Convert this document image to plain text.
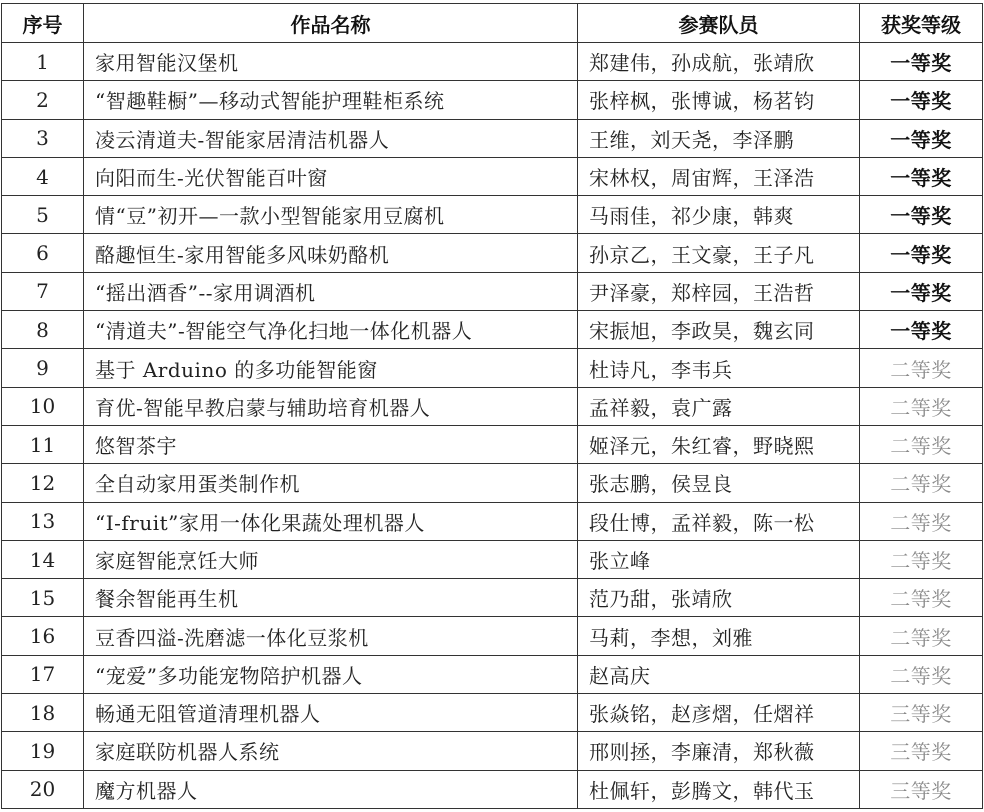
序号	作品名称	参赛队员	获奖等级
1	家用智能汉堡机	郑建伟，孙成航，张靖欣	一等奖
2	“智趣鞋橱”—移动式智能护理鞋柜系统	张梓枫，张博诚，杨茗钧	一等奖
3	凌云清道夫-智能家居清洁机器人	王维，刘天尧，李泽鹏	一等奖
4	向阳而生-光伏智能百叶窗	宋林权，周宙辉，王泽浩	一等奖
5	情“豆”初开—一款小型智能家用豆腐机	马雨佳，祁少康，韩爽	一等奖
6	酪趣恒生-家用智能多风味奶酪机	孙京乙，王文豪，王子凡	一等奖
7	“摇出酒香”--家用调酒机	尹泽豪，郑梓园，王浩哲	一等奖
8	“清道夫”-智能空气净化扫地一体化机器人	宋振旭，李政昊，魏玄同	一等奖
9	基于 Arduino 的多功能智能窗	杜诗凡，李韦兵	二等奖
10	育优-智能早教启蒙与辅助培育机器人	孟祥毅，袁广露	二等奖
11	悠智茶宇	姬泽元，朱红睿，野晓熙	二等奖
12	全自动家用蛋类制作机	张志鹏，侯昱良	二等奖
13	“I-fruit”家用一体化果蔬处理机器人	段仕博，孟祥毅，陈一松	二等奖
14	家庭智能烹饪大师	张立峰	二等奖
15	餐余智能再生机	范乃甜，张靖欣	二等奖
16	豆香四溢-洗磨滤一体化豆浆机	马莉，李想，刘雅	二等奖
17	“宠爱”多功能宠物陪护机器人	赵高庆	二等奖
18	畅通无阻管道清理机器人	张焱铭，赵彦熠，任熠祥	三等奖
19	家庭联防机器人系统	邢则拯，李廉清，郑秋薇	三等奖
20	魔方机器人	杜佩轩，彭腾文，韩代玉	三等奖
